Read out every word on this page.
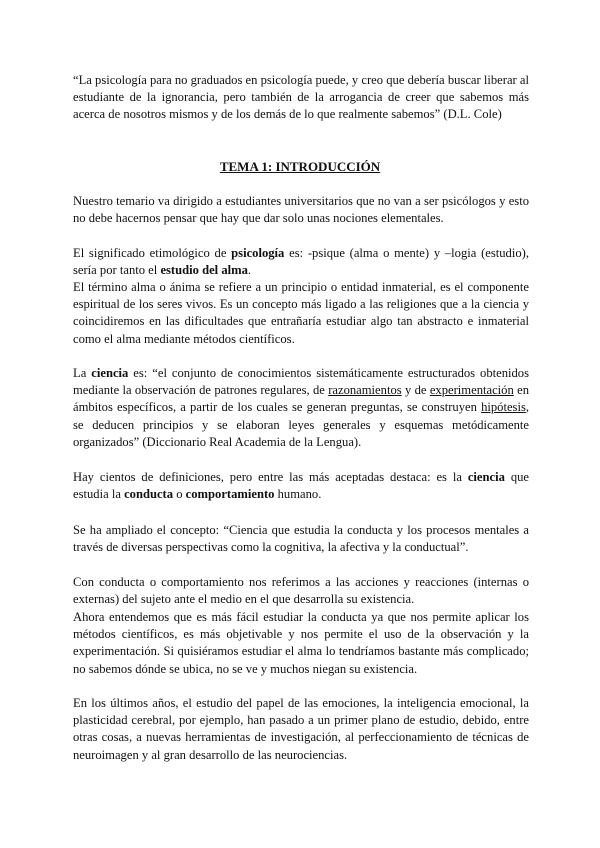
“La psicología para no graduados en psicología puede, y creo que debería buscar liberar al estudiante de la ignorancia, pero también de la arrogancia de creer que sabemos más acerca de nosotros mismos y de los demás de lo que realmente sabemos” (D.L. Cole)

TEMA 1: INTRODUCCIÓN

Nuestro temario va dirigido a estudiantes universitarios que no van a ser psicólogos y esto no debe hacernos pensar que hay que dar solo unas nociones elementales.

El significado etimológico de psicología es: -psique (alma o mente) y –logia (estudio), sería por tanto el estudio del alma.

El término alma o ánima se refiere a un principio o entidad inmaterial, es el componente espiritual de los seres vivos. Es un concepto más ligado a las religiones que a la ciencia y coincidiremos en las dificultades que entrañaría estudiar algo tan abstracto e inmaterial como el alma mediante métodos científicos.

La ciencia es: “el conjunto de conocimientos sistemáticamente estructurados obtenidos mediante la observación de patrones regulares, de razonamientos y de experimentación en ámbitos específicos, a partir de los cuales se generan preguntas, se construyen hipótesis, se deducen principios y se elaboran leyes generales y esquemas metódicamente organizados” (Diccionario Real Academia de la Lengua).

Hay cientos de definiciones, pero entre las más aceptadas destaca: es la ciencia que estudia la conducta o comportamiento humano.

Se ha ampliado el concepto: “Ciencia que estudia la conducta y los procesos mentales a través de diversas perspectivas como la cognitiva, la afectiva y la conductual”.

Con conducta o comportamiento nos referimos a las acciones y reacciones (internas o externas) del sujeto ante el medio en el que desarrolla su existencia.

Ahora entendemos que es más fácil estudiar la conducta ya que nos permite aplicar los métodos científicos, es más objetivable y nos permite el uso de la observación y la experimentación. Si quisiéramos estudiar el alma lo tendríamos bastante más complicado; no sabemos dónde se ubica, no se ve y muchos niegan su existencia.

En los últimos años, el estudio del papel de las emociones, la inteligencia emocional, la plasticidad cerebral, por ejemplo, han pasado a un primer plano de estudio, debido, entre otras cosas, a nuevas herramientas de investigación, al perfeccionamiento de técnicas de neuroimagen y al gran desarrollo de las neurociencias.
